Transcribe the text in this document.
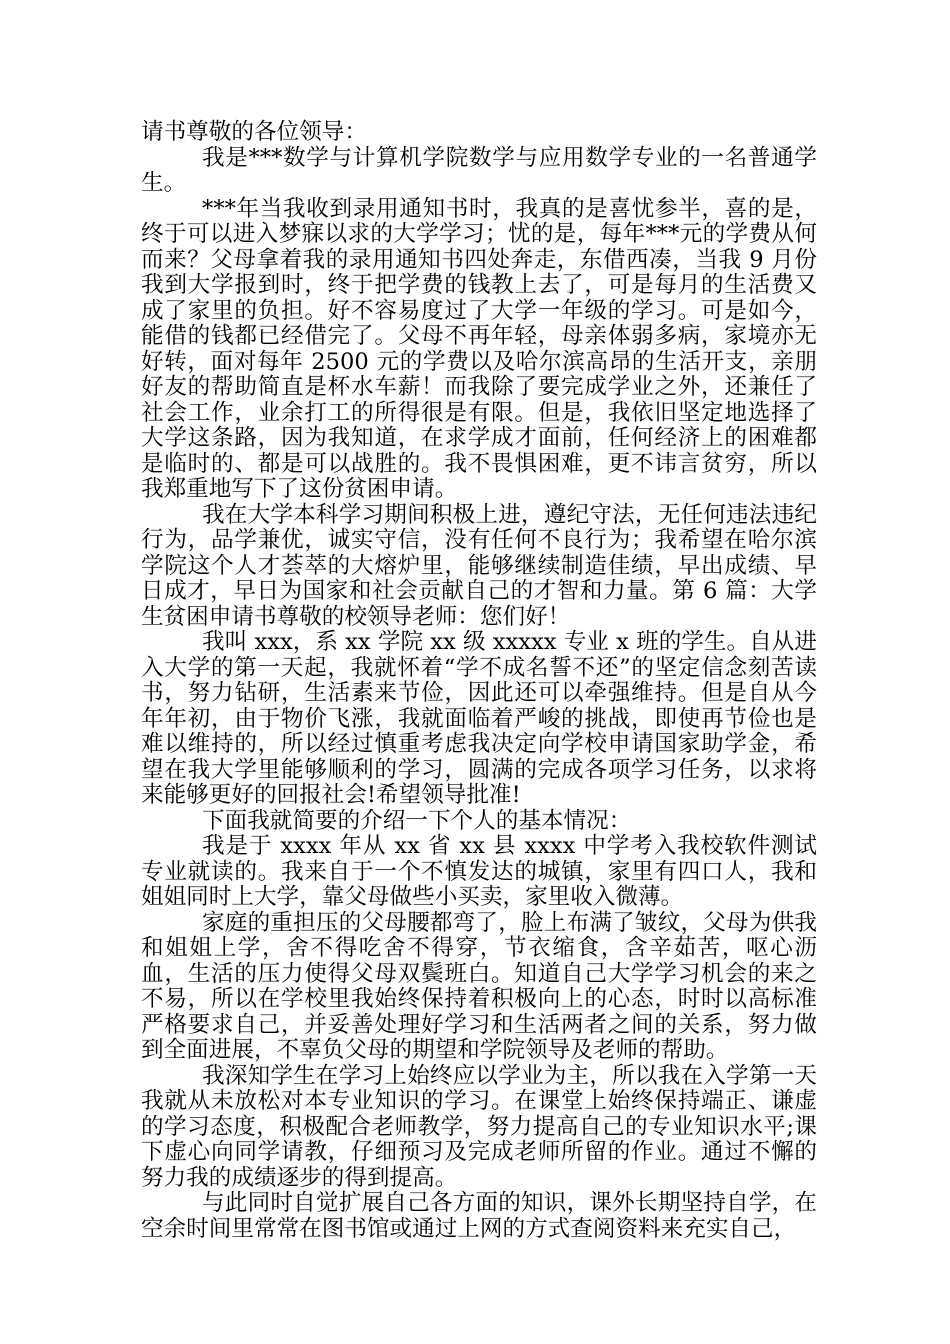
请书尊敬的各位领导：

我是***数学与计算机学院数学与应用数学专业的一名普通学生。

***年当我收到录用通知书时，我真的是喜忧参半，喜的是，终于可以进入梦寐以求的大学学习；忧的是，每年***元的学费从何而来？父母拿着我的录用通知书四处奔走，东借西凑，当我 9 月份我到大学报到时，终于把学费的钱教上去了，可是每月的生活费又成了家里的负担。好不容易度过了大学一年级的学习。可是如今，能借的钱都已经借完了。父母不再年轻，母亲体弱多病，家境亦无好转，面对每年 2500 元的学费以及哈尔滨高昂的生活开支，亲朋好友的帮助简直是杯水车薪！而我除了要完成学业之外，还兼任了社会工作，业余打工的所得很是有限。但是，我依旧坚定地选择了大学这条路，因为我知道，在求学成才面前，任何经济上的困难都是临时的、都是可以战胜的。我不畏惧困难，更不讳言贫穷，所以我郑重地写下了这份贫困申请。

我在大学本科学习期间积极上进，遵纪守法，无任何违法违纪行为，品学兼优，诚实守信，没有任何不良行为；我希望在哈尔滨学院这个人才荟萃的大熔炉里，能够继续制造佳绩，早出成绩、早日成才，早日为国家和社会贡献自己的才智和力量。第 6 篇：大学生贫困申请书尊敬的校领导老师：您们好！

我叫 xxx，系 xx 学院 xx 级 xxxxx 专业 x 班的学生。自从进入大学的第一天起，我就怀着“学不成名誓不还”的坚定信念刻苦读书，努力钻研，生活素来节俭，因此还可以牵强维持。但是自从今年年初，由于物价飞涨，我就面临着严峻的挑战，即使再节俭也是难以维持的，所以经过慎重考虑我决定向学校申请国家助学金，希望在我大学里能够顺利的学习，圆满的完成各项学习任务，以求将来能够更好的回报社会!希望领导批准!

下面我就简要的介绍一下个人的基本情况：

我是于 xxxx 年从 xx 省 xx 县 xxxx 中学考入我校软件测试专业就读的。我来自于一个不慎发达的城镇，家里有四口人，我和姐姐同时上大学，靠父母做些小买卖，家里收入微薄。

家庭的重担压的父母腰都弯了，脸上布满了皱纹，父母为供我和姐姐上学，舍不得吃舍不得穿，节衣缩食，含辛茹苦，呕心沥血，生活的压力使得父母双鬓班白。知道自己大学学习机会的来之不易，所以在学校里我始终保持着积极向上的心态，时时以高标准严格要求自己，并妥善处理好学习和生活两者之间的关系，努力做到全面进展，不辜负父母的期望和学院领导及老师的帮助。

我深知学生在学习上始终应以学业为主，所以我在入学第一天我就从未放松对本专业知识的学习。在课堂上始终保持端正、谦虚的学习态度，积极配合老师教学，努力提高自己的专业知识水平;课下虚心向同学请教，仔细预习及完成老师所留的作业。通过不懈的努力我的成绩逐步的得到提高。

与此同时自觉扩展自己各方面的知识，课外长期坚持自学，在空余时间里常常在图书馆或通过上网的方式查阅资料来充实自己，
